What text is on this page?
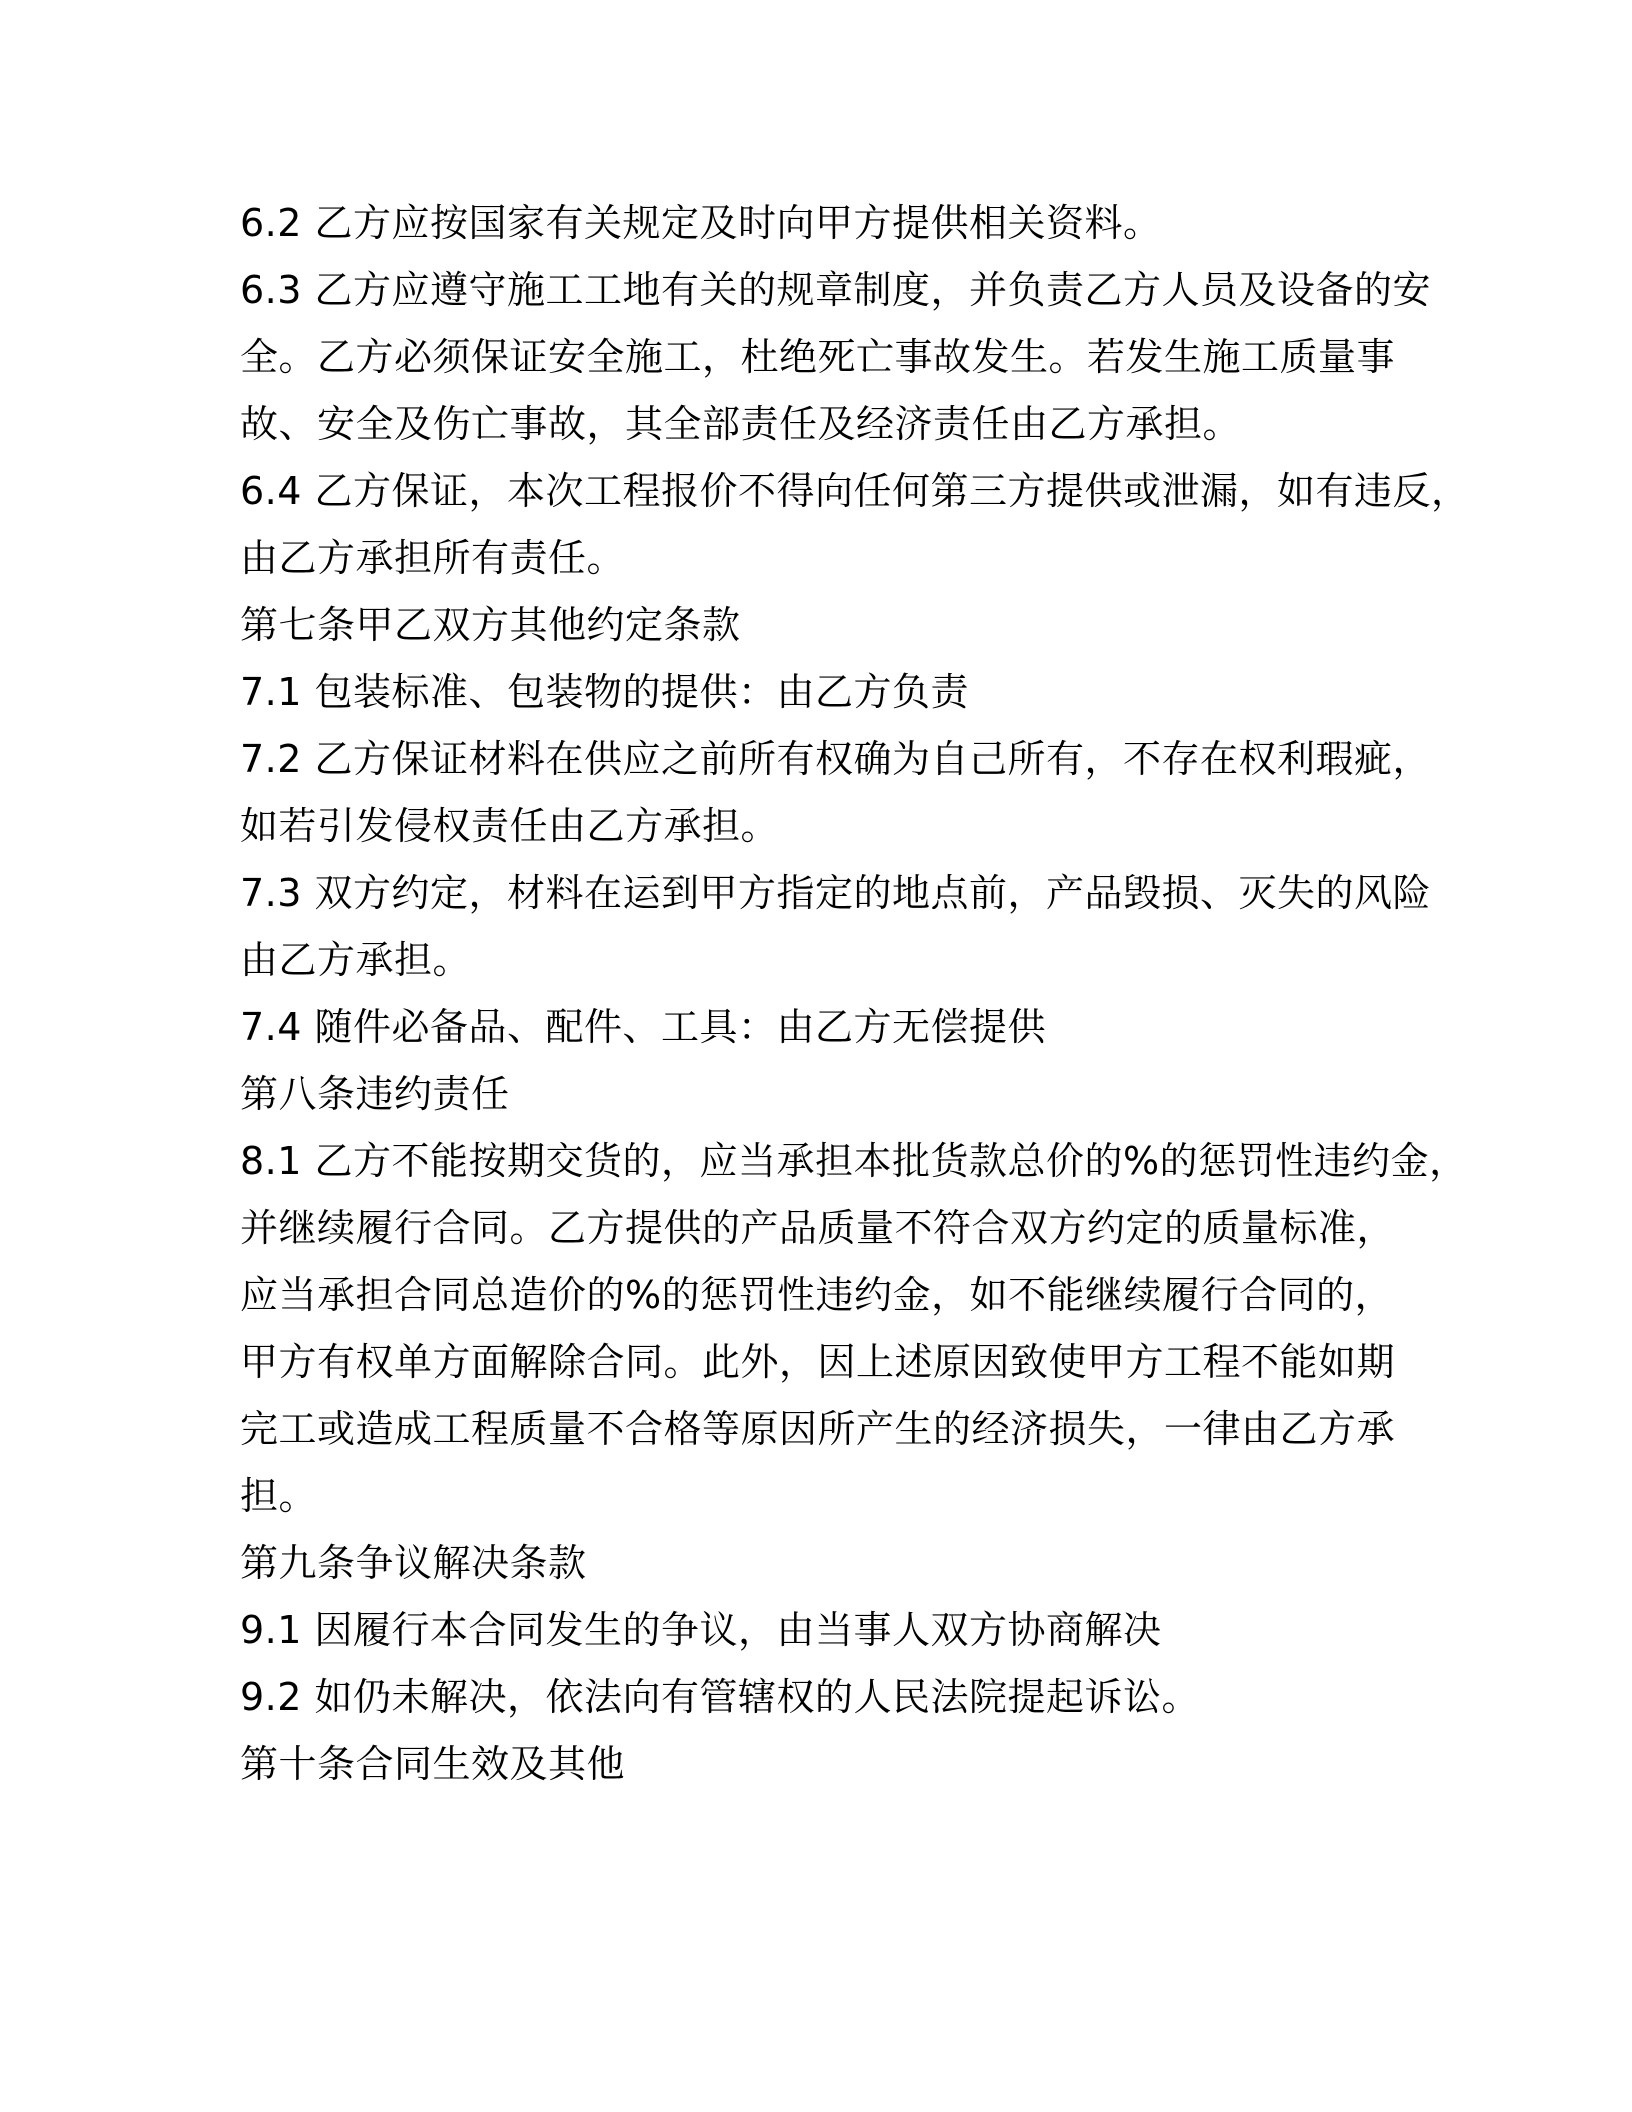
6.2 乙方应按国家有关规定及时向甲方提供相关资料。
6.3 乙方应遵守施工工地有关的规章制度，并负责乙方人员及设备的安
全。乙方必须保证安全施工，杜绝死亡事故发生。若发生施工质量事
故、安全及伤亡事故，其全部责任及经济责任由乙方承担。
6.4 乙方保证，本次工程报价不得向任何第三方提供或泄漏，如有违反，
由乙方承担所有责任。
第七条甲乙双方其他约定条款
7.1 包装标准、包装物的提供：由乙方负责
7.2 乙方保证材料在供应之前所有权确为自己所有，不存在权利瑕疵，
如若引发侵权责任由乙方承担。
7.3 双方约定，材料在运到甲方指定的地点前，产品毁损、灭失的风险
由乙方承担。
7.4 随件必备品、配件、工具：由乙方无偿提供
第八条违约责任
8.1 乙方不能按期交货的，应当承担本批货款总价的%的惩罚性违约金，
并继续履行合同。乙方提供的产品质量不符合双方约定的质量标准，
应当承担合同总造价的%的惩罚性违约金，如不能继续履行合同的，
甲方有权单方面解除合同。此外，因上述原因致使甲方工程不能如期
完工或造成工程质量不合格等原因所产生的经济损失，一律由乙方承
担。
第九条争议解决条款
9.1 因履行本合同发生的争议，由当事人双方协商解决
9.2 如仍未解决，依法向有管辖权的人民法院提起诉讼。
第十条合同生效及其他
